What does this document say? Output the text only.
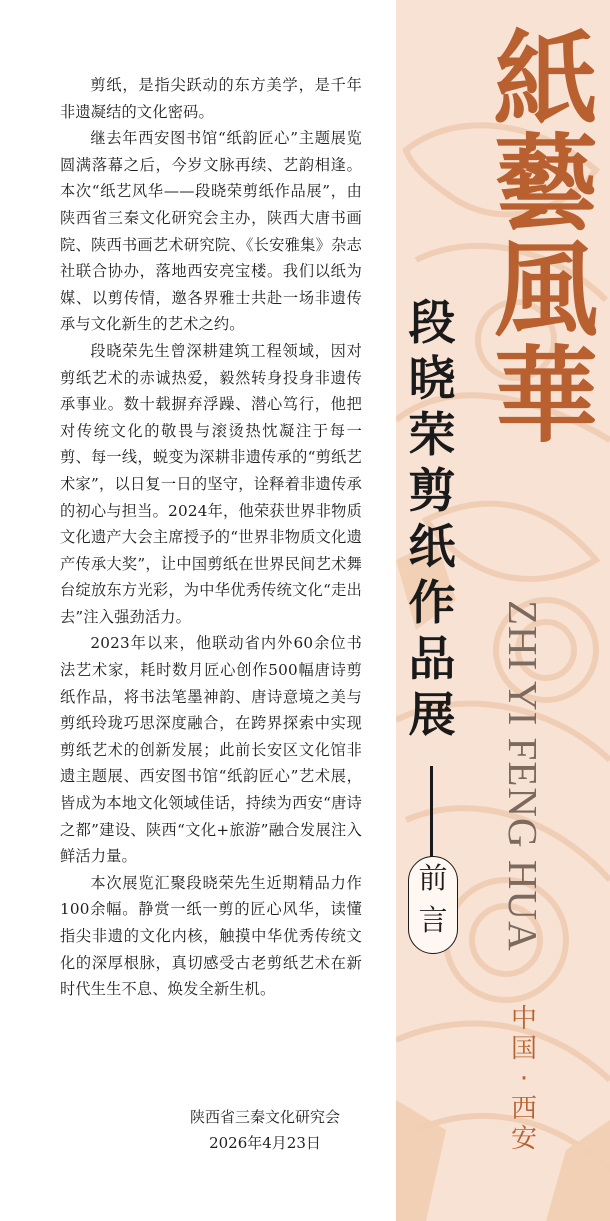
剪纸，是指尖跃动的东方美学，是千年非遗凝结的文化密码。

继去年西安图书馆“纸韵匠心”主题展览圆满落幕之后，今岁文脉再续、艺韵相逢。本次“纸艺风华——段晓荣剪纸作品展”，由陕西省三秦文化研究会主办，陕西大唐书画院、陕西书画艺术研究院、《长安雅集》杂志社联合协办，落地西安亮宝楼。我们以纸为媒、以剪传情，邀各界雅士共赴一场非遗传承与文化新生的艺术之约。

段晓荣先生曾深耕建筑工程领域，因对剪纸艺术的赤诚热爱，毅然转身投身非遗传承事业。数十载摒弃浮躁、潜心笃行，他把对传统文化的敬畏与滚烫热忱凝注于每一剪、每一线，蜕变为深耕非遗传承的“剪纸艺术家”，以日复一日的坚守，诠释着非遗传承的初心与担当。2024年，他荣获世界非物质文化遗产大会主席授予的“世界非物质文化遗产传承大奖”，让中国剪纸在世界民间艺术舞台绽放东方光彩，为中华优秀传统文化“走出去”注入强劲活力。

2023年以来，他联动省内外60余位书法艺术家，耗时数月匠心创作500幅唐诗剪纸作品，将书法笔墨神韵、唐诗意境之美与剪纸玲珑巧思深度融合，在跨界探索中实现剪纸艺术的创新发展；此前长安区文化馆非遗主题展、西安图书馆“纸韵匠心”艺术展，皆成为本地文化领域佳话，持续为西安“唐诗之都”建设、陕西“文化+旅游”融合发展注入鲜活力量。

本次展览汇聚段晓荣先生近期精品力作100余幅。静赏一纸一剪的匠心风华，读懂指尖非遗的文化内核，触摸中华优秀传统文化的深厚根脉，真切感受古老剪纸艺术在新时代生生不息、焕发全新生机。

陕西省三秦文化研究会
2026年4月23日
紙
藝
風
華
段
晓
荣
剪
纸
作
品
展
前
言 ZHI YI FENG HUA
中
国
·
西
安
